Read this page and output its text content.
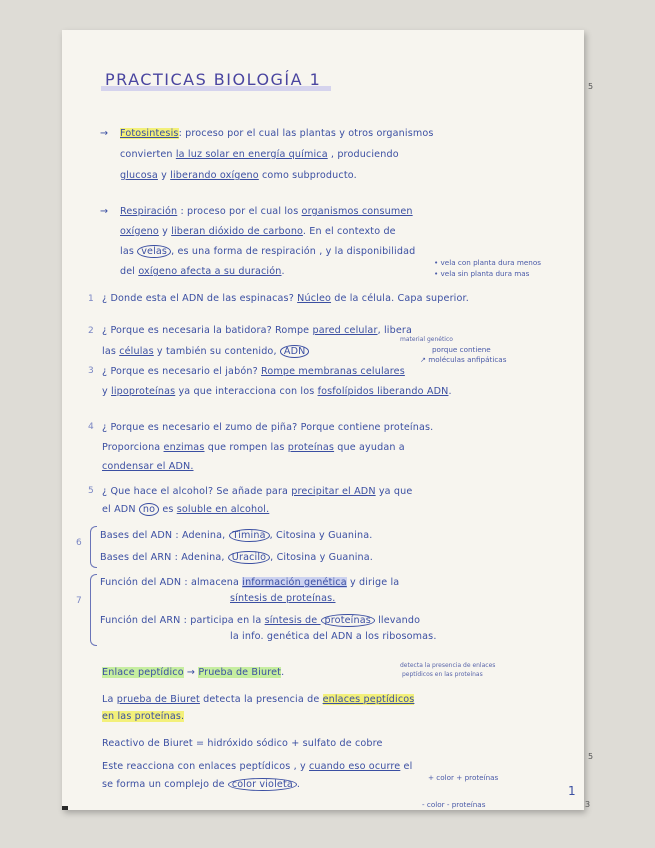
PRACTICAS BIOLOGÍA 1
→ Fotosintesis: proceso por el cual las plantas y otros organismos
convierten la luz solar en energía química , produciendo
glucosa y liberando oxígeno como subproducto.
→ Respiración : proceso por el cual los organismos consumen
oxígeno y liberan dióxido de carbono. En el contexto de
las velas , es una forma de respiración , y la disponibilidad
del oxígeno afecta a su duración.
• vela con planta dura menos
• vela sin planta dura mas
1 ¿ Donde esta el ADN de las espinacas? Núcleo de la célula. Capa superior.
2 ¿ Porque es necesaria la batidora? Rompe pared celular, libera
las células y también su contenido, ADN
material genético
porque contiene
↗ moléculas anfipáticas
3 ¿ Porque es necesario el jabón? Rompe membranas celulares
y lipoproteínas ya que interacciona con los fosfolípidos liberando ADN.
4 ¿ Porque es necesario el zumo de piña? Porque contiene proteínas.
Proporciona enzimas que rompen las proteínas que ayudan a
condensar el ADN.
5 ¿ Que hace el alcohol? Se añade para precipitar el ADN ya que
el ADN no es soluble en alcohol.
6
Bases del ADN : Adenina, Timina , Citosina y Guanina.
Bases del ARN : Adenina, Uracilo , Citosina y Guanina.
7
Función del ADN : almacena información genética y dirige la
síntesis de proteínas.
Función del ARN : participa en la síntesis de proteínas llevando
la info. genética del ADN a los ribosomas.
Enlace peptídico → Prueba de Biuret.
detecta la presencia de enlaces
peptídicos en las proteínas
La prueba de Biuret detecta la presencia de enlaces peptídicos
en las proteínas.
Reactivo de Biuret = hidróxido sódico + sulfato de cobre
Este reacciona con enlaces peptídicos , y cuando eso ocurre el
se forma un complejo de color violeta .
+ color + proteínas
- color - proteínas
1
5
5
3
